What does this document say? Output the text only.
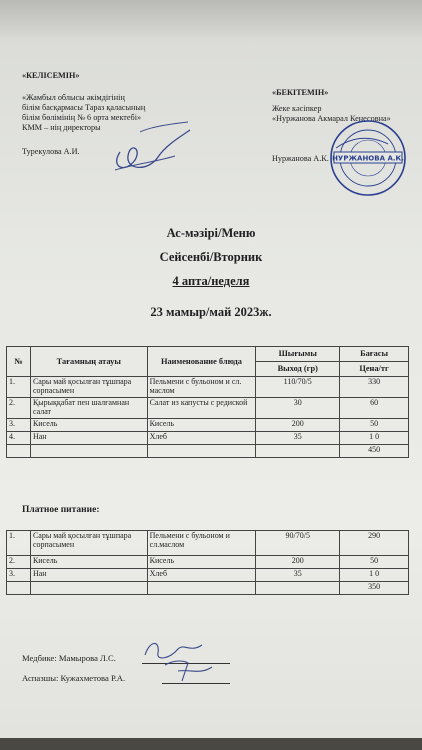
«КЕЛІСЕМІН»
«Жамбыл облысы әкімдігінің
білім басқармасы Тараз қаласының
білім бөлімінің № 6 орта мектебі»
КММ – нің директоры
Турекулова А.И.
«БЕКІТЕМІН»
Жеке кәсіпкер
«Нуржанова Акмарал Кенесовна»
Нуржанова А.К. НУРЖАНОВА А.К.
Ас-мәзірі/Меню
Сейсенбі/Вторник
4 апта/неделя
23 мамыр/май 2023ж.
№	Тағамның атауы	Наименование блюда	Шығымы	Бағасы
			Выход (гр)	Цена/тг
1.	Сары май қосылған тұшпара сорпасымен	Пельмени с бульоном и сл. маслом	110/70/5	330
2.	Қырыққабат пен шалғамнан салат	Салат из капусты с редиской	30	60
3.	Кисель	Кисель	200	50
4.	Нан	Хлеб	35	1 0
				450
Платное питание:
1.	Сары май қосылған тұшпара сорпасымен	Пельмени с бульоном и сл.маслом	90/70/5	290
2.	Кисель	Кисель	200	50
3.	Нан	Хлеб	35	1 0
				350
Медбике: Мамырова Л.С.
Аспазшы: Кужахметова Р.А.
